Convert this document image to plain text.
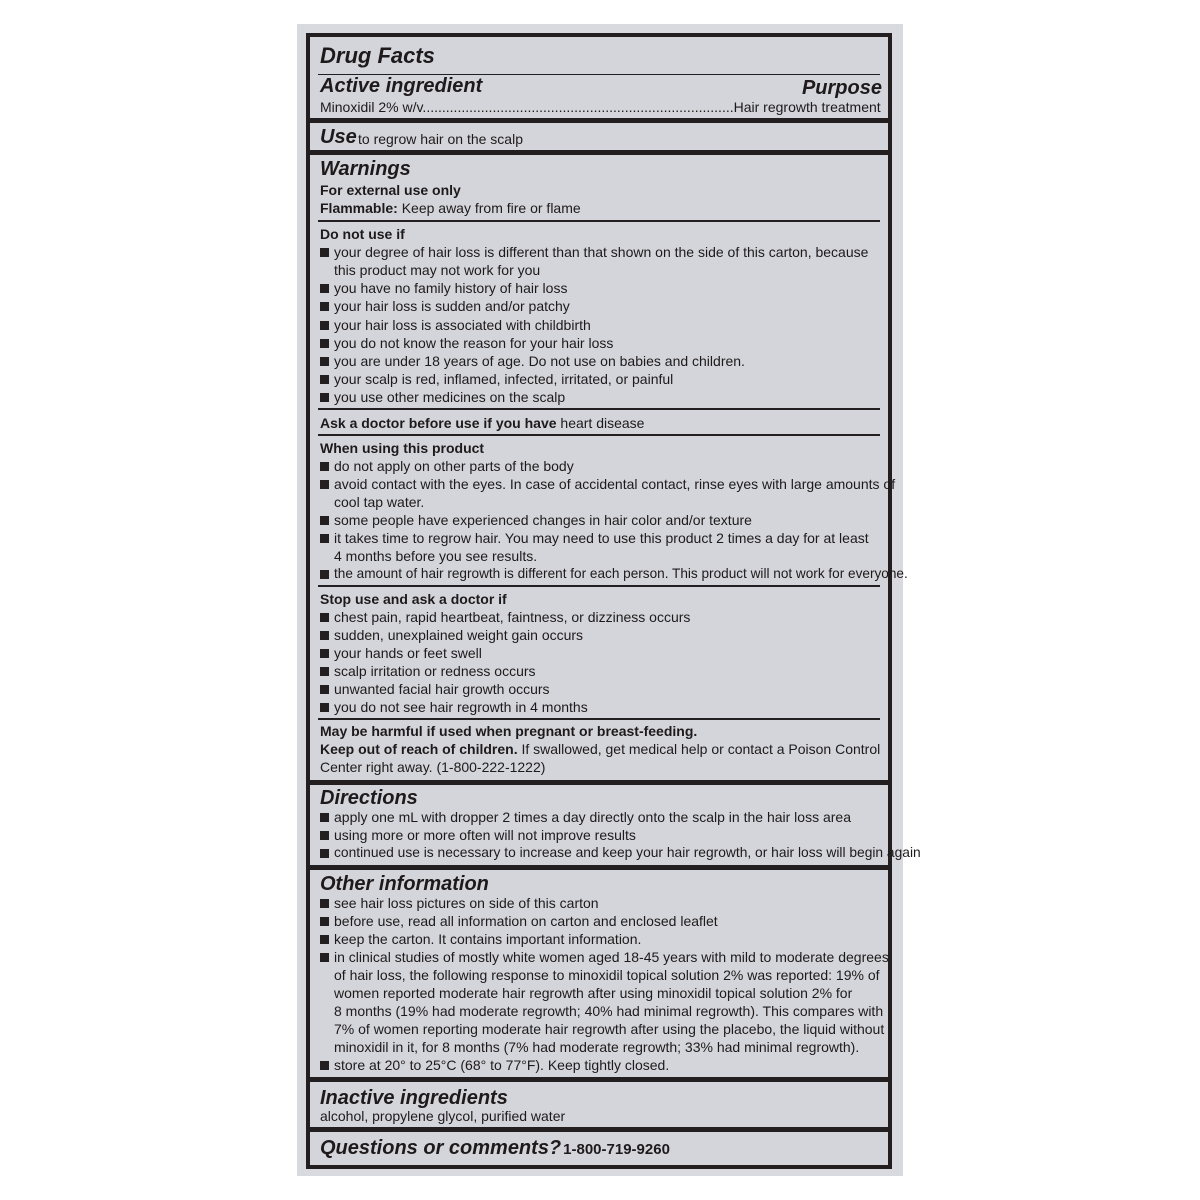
Drug Facts
Active ingredient	Purpose
Minoxidil 2% w/v................................................................................Hair regrowth treatment
Use to regrow hair on the scalp
Warnings
For external use only
Flammable: Keep away from fire or flame
Do not use if
your degree of hair loss is different than that shown on the side of this carton, because
this product may not work for you
you have no family history of hair loss
your hair loss is sudden and/or patchy
your hair loss is associated with childbirth
you do not know the reason for your hair loss
you are under 18 years of age. Do not use on babies and children.
your scalp is red, inflamed, infected, irritated, or painful
you use other medicines on the scalp
Ask a doctor before use if you have heart disease
When using this product
do not apply on other parts of the body
avoid contact with the eyes. In case of accidental contact, rinse eyes with large amounts of
cool tap water.
some people have experienced changes in hair color and/or texture
it takes time to regrow hair. You may need to use this product 2 times a day for at least
4 months before you see results.
the amount of hair regrowth is different for each person. This product will not work for everyone.
Stop use and ask a doctor if
chest pain, rapid heartbeat, faintness, or dizziness occurs
sudden, unexplained weight gain occurs
your hands or feet swell
scalp irritation or redness occurs
unwanted facial hair growth occurs
you do not see hair regrowth in 4 months
May be harmful if used when pregnant or breast-feeding.
Keep out of reach of children. If swallowed, get medical help or contact a Poison Control
Center right away. (1-800-222-1222)
Directions
apply one mL with dropper 2 times a day directly onto the scalp in the hair loss area
using more or more often will not improve results
continued use is necessary to increase and keep your hair regrowth, or hair loss will begin again
Other information
see hair loss pictures on side of this carton
before use, read all information on carton and enclosed leaflet
keep the carton. It contains important information.
in clinical studies of mostly white women aged 18-45 years with mild to moderate degrees
of hair loss, the following response to minoxidil topical solution 2% was reported: 19% of
women reported moderate hair regrowth after using minoxidil topical solution 2% for
8 months (19% had moderate regrowth; 40% had minimal regrowth). This compares with
7% of women reporting moderate hair regrowth after using the placebo, the liquid without
minoxidil in it, for 8 months (7% had moderate regrowth; 33% had minimal regrowth).
store at 20° to 25°C (68° to 77°F). Keep tightly closed.
Inactive ingredients
alcohol, propylene glycol, purified water
Questions or comments? 1-800-719-9260
